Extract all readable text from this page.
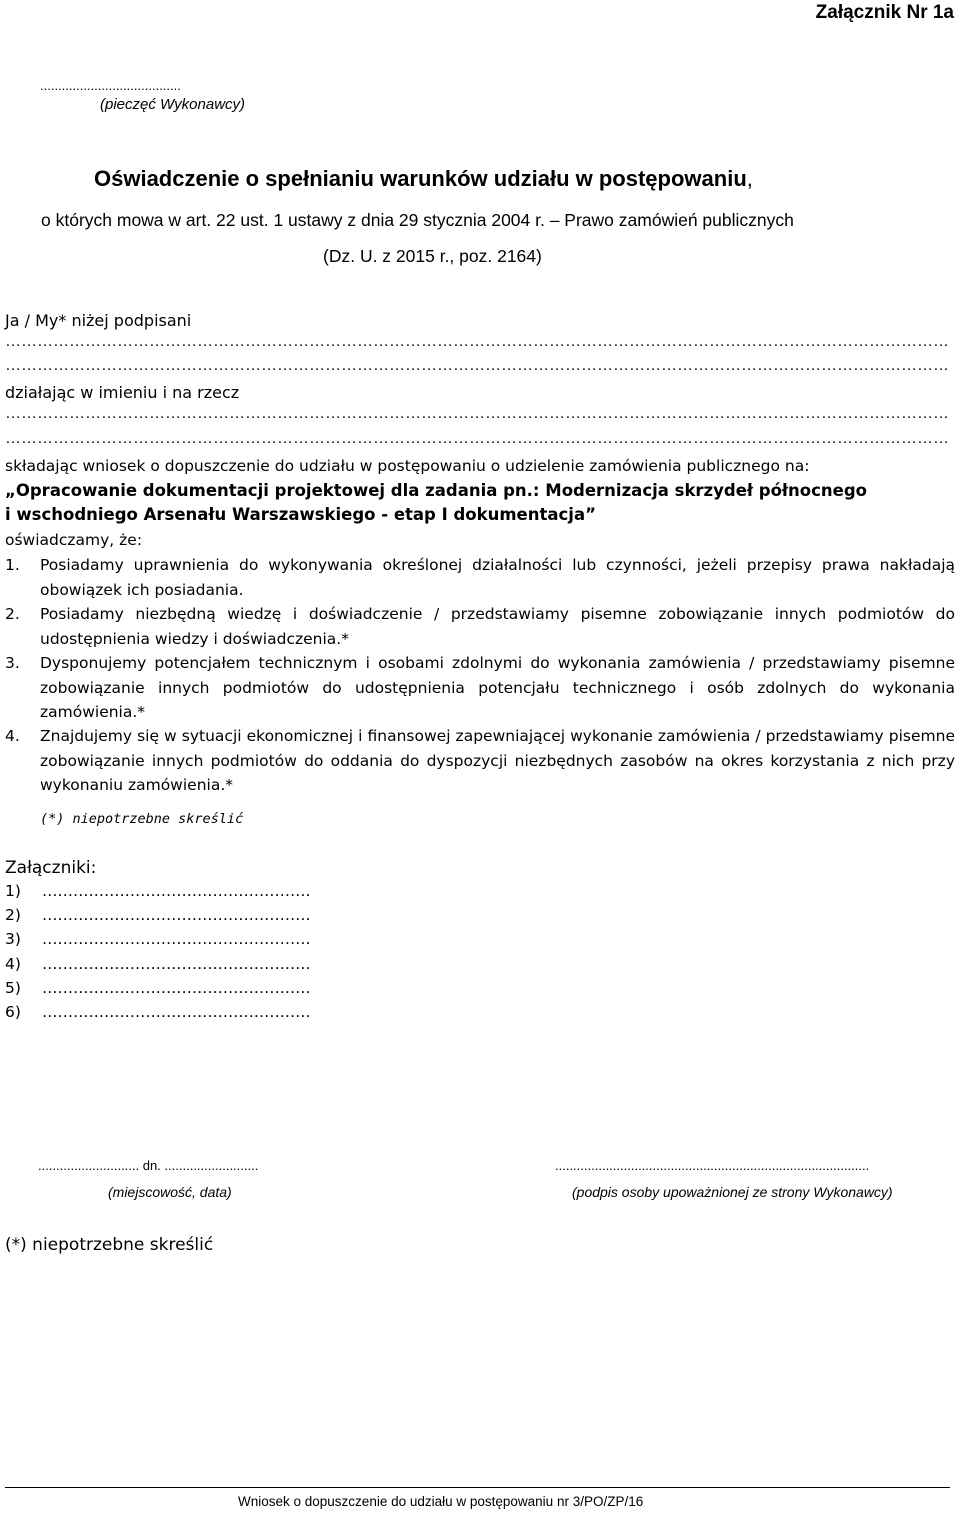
Załącznik Nr 1a
.......................................
(pieczęć Wykonawcy)
Oświadczenie o spełnianiu warunków udziału w postępowaniu,
o których mowa w art. 22 ust. 1 ustawy z dnia 29 stycznia 2004 r. – Prawo zamówień publicznych
(Dz. U. z 2015 r., poz. 2164)
Ja / My* niżej podpisani
……………………………………………………………………………………………………………………………………………………………………………………………………
……………………………………………………………………………………………………………………………………………………………………………………………………
działając w imieniu i na rzecz
……………………………………………………………………………………………………………………………………………………………………………………………………
……………………………………………………………………………………………………………………………………………………………………………………………………
składając wniosek o dopuszczenie do udziału w postępowaniu o udzielenie zamówienia publicznego na:
„Opracowanie dokumentacji projektowej dla zadania pn.: Modernizacja skrzydeł północnego
i wschodniego Arsenału Warszawskiego - etap I dokumentacja”
oświadczamy, że:
1. Posiadamy uprawnienia do wykonywania określonej działalności lub czynności, jeżeli przepisy prawa nakładają obowiązek ich posiadania.
2. Posiadamy niezbędną wiedzę i doświadczenie / przedstawiamy pisemne zobowiązanie innych podmiotów do udostępnienia wiedzy i doświadczenia.*
3. Dysponujemy potencjałem technicznym i osobami zdolnymi do wykonania zamówienia / przedstawiamy pisemne zobowiązanie innych podmiotów do udostępnienia potencjału technicznego i osób zdolnych do wykonania zamówienia.*
4. Znajdujemy się w sytuacji ekonomicznej i finansowej zapewniającej wykonanie zamówienia / przedstawiamy pisemne zobowiązanie innych podmiotów do oddania do dyspozycji niezbędnych zasobów na okres korzystania z nich przy wykonaniu zamówienia.*
(*) niepotrzebne skreślić
Załączniki:
1) …………………………………………….
2) …………………………………………….
3) …………………………………………….
4) …………………………………………….
5) …………………………………………….
6) …………………………………………….
............................ dn. ..........................
(miejscowość, data)
.......................................................................................
(podpis osoby upoważnionej ze strony Wykonawcy)
(*) niepotrzebne skreślić
Wniosek o dopuszczenie do udziału w postępowaniu nr 3/PO/ZP/16
